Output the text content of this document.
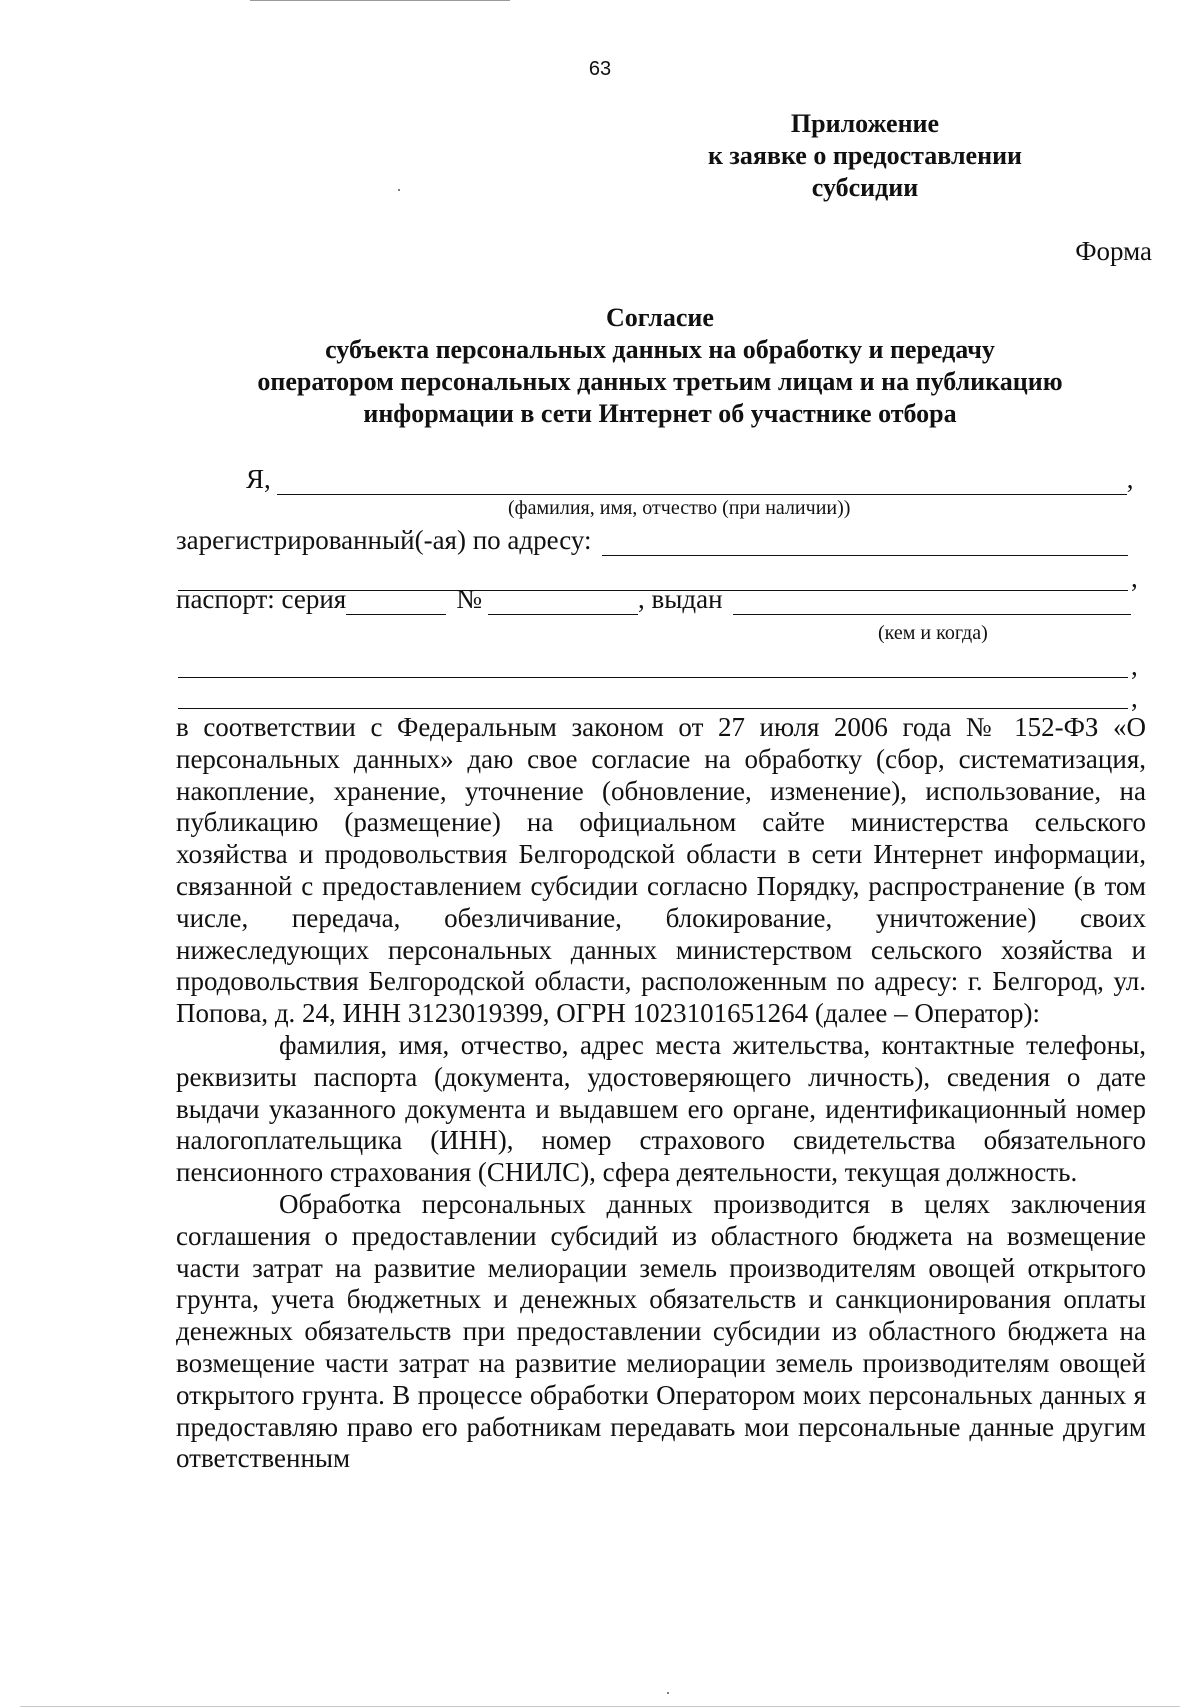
63
Приложение
к заявке о предоставлении
субсидии
Форма
Согласие
субъекта персональных данных на обработку и передачу
оператором персональных данных третьим лицам и на публикацию
информации в сети Интернет об участнике отбора
Я,	,
(фамилия, имя, отчество (при наличии))
зарегистрированный(-ая) по адресу:
,
паспорт: серия	№	, выдан
(кем и когда)
,
,

в соответствии с Федеральным законом от 27 июля 2006 года № 152-ФЗ «О персональных данных» даю свое согласие на обработку (сбор, систематизация, накопление, хранение, уточнение (обновление, изменение), использование, на публикацию (размещение) на официальном сайте министерства сельского хозяйства и продовольствия Белгородской области в сети Интернет информации, связанной с предоставлением субсидии согласно Порядку, распространение (в том числе, передача, обезличивание, блокирование, уничтожение) своих нижеследующих персональных данных министерством сельского хозяйства и продовольствия Белгородской области, расположенным по адресу: г. Белгород, ул. Попова, д. 24, ИНН 3123019399, ОГРН 1023101651264 (далее – Оператор):

фамилия, имя, отчество, адрес места жительства, контактные телефоны, реквизиты паспорта (документа, удостоверяющего личность), сведения о дате выдачи указанного документа и выдавшем его органе, идентификационный номер налогоплательщика (ИНН), номер страхового свидетельства обязательного пенсионного страхования (СНИЛС), сфера деятельности, текущая должность.

Обработка персональных данных производится в целях заключения соглашения о предоставлении субсидий из областного бюджета на возмещение части затрат на развитие мелиорации земель производителям овощей открытого грунта, учета бюджетных и денежных обязательств и санкционирования оплаты денежных обязательств при предоставлении субсидии из областного бюджета на возмещение части затрат на развитие мелиорации земель производителям овощей открытого грунта. В процессе обработки Оператором моих персональных данных я предоставляю право его работникам передавать мои персональные данные другим ответственным
